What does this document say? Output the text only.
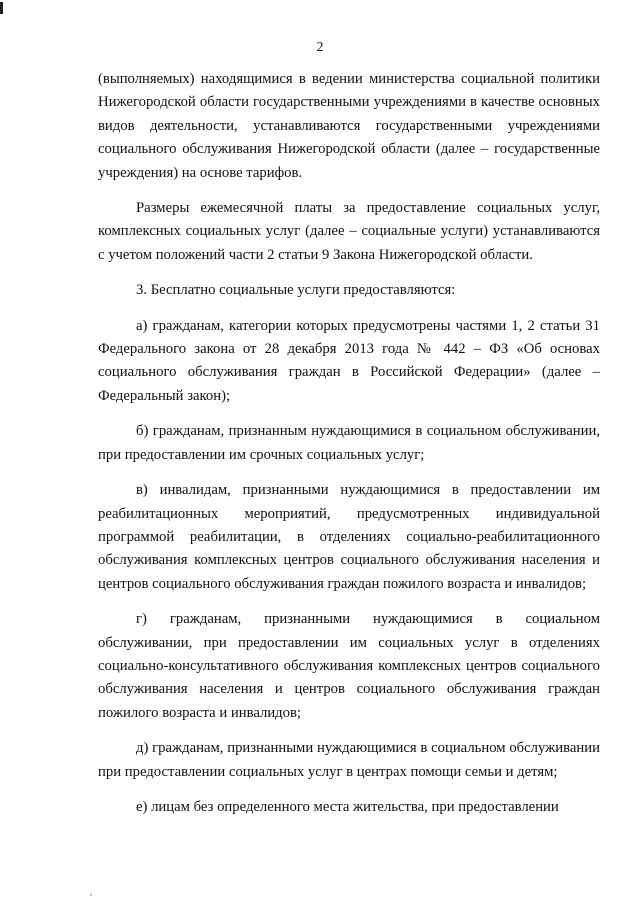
2

(выполняемых) находящимися в ведении министерства социальной политики Нижегородской области государственными учреждениями в качестве основных видов деятельности, устанавливаются государственными учреждениями социального обслуживания Нижегородской области (далее – государственные учреждения) на основе тарифов.

Размеры ежемесячной платы за предоставление социальных услуг, комплексных социальных услуг (далее – социальные услуги) устанавливаются с учетом положений части 2 статьи 9 Закона Нижегородской области.

3. Бесплатно социальные услуги предоставляются:

а) гражданам, категории которых предусмотрены частями 1, 2 статьи 31 Федерального закона от 28 декабря 2013 года № 442 – ФЗ «Об основах социального обслуживания граждан в Российской Федерации» (далее – Федеральный закон);

б) гражданам, признанным нуждающимися в социальном обслуживании, при предоставлении им срочных социальных услуг;

в) инвалидам, признанными нуждающимися в предоставлении им реабилитационных мероприятий, предусмотренных индивидуальной программой реабилитации, в отделениях социально-реабилитационного обслуживания комплексных центров социального обслуживания населения и центров социального обслуживания граждан пожилого возраста и инвалидов;

г) гражданам, признанными нуждающимися в социальном обслуживании, при предоставлении им социальных услуг в отделениях социально-консультативного обслуживания комплексных центров социального обслуживания населения и центров социального обслуживания граждан пожилого возраста и инвалидов;

д) гражданам, признанными нуждающимися в социальном обслуживании при предоставлении социальных услуг в центрах помощи семьи и детям;

е) лицам без определенного места жительства, при предоставлении
